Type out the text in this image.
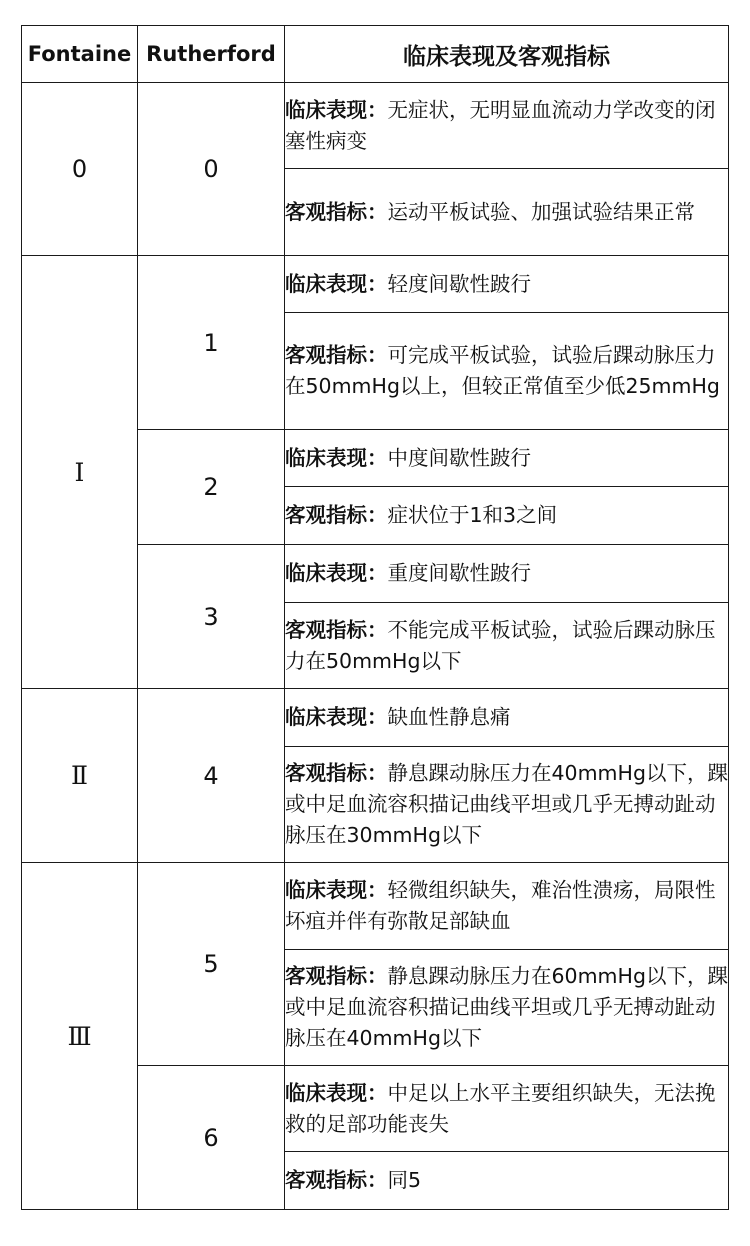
Fontaine	Rutherford	临床表现及客观指标
0	0	临床表现：无症状，无明显血流动力学改变的闭塞性病变
		客观指标：运动平板试验、加强试验结果正常
Ⅰ	1	临床表现：轻度间歇性跛行
		客观指标：可完成平板试验，试验后踝动脉压力在50mmHg以上，但较正常值至少低25mmHg
	2	临床表现：中度间歇性跛行
		客观指标：症状位于1和3之间
	3	临床表现：重度间歇性跛行
		客观指标：不能完成平板试验，试验后踝动脉压力在50mmHg以下
Ⅱ	4	临床表现：缺血性静息痛
		客观指标：静息踝动脉压力在40mmHg以下，踝或中足血流容积描记曲线平坦或几乎无搏动趾动脉压在30mmHg以下
Ⅲ	5	临床表现：轻微组织缺失，难治性溃疡，局限性坏疽并伴有弥散足部缺血
		客观指标：静息踝动脉压力在60mmHg以下，踝或中足血流容积描记曲线平坦或几乎无搏动趾动脉压在40mmHg以下
	6	临床表现：中足以上水平主要组织缺失，无法挽救的足部功能丧失
		客观指标：同5
